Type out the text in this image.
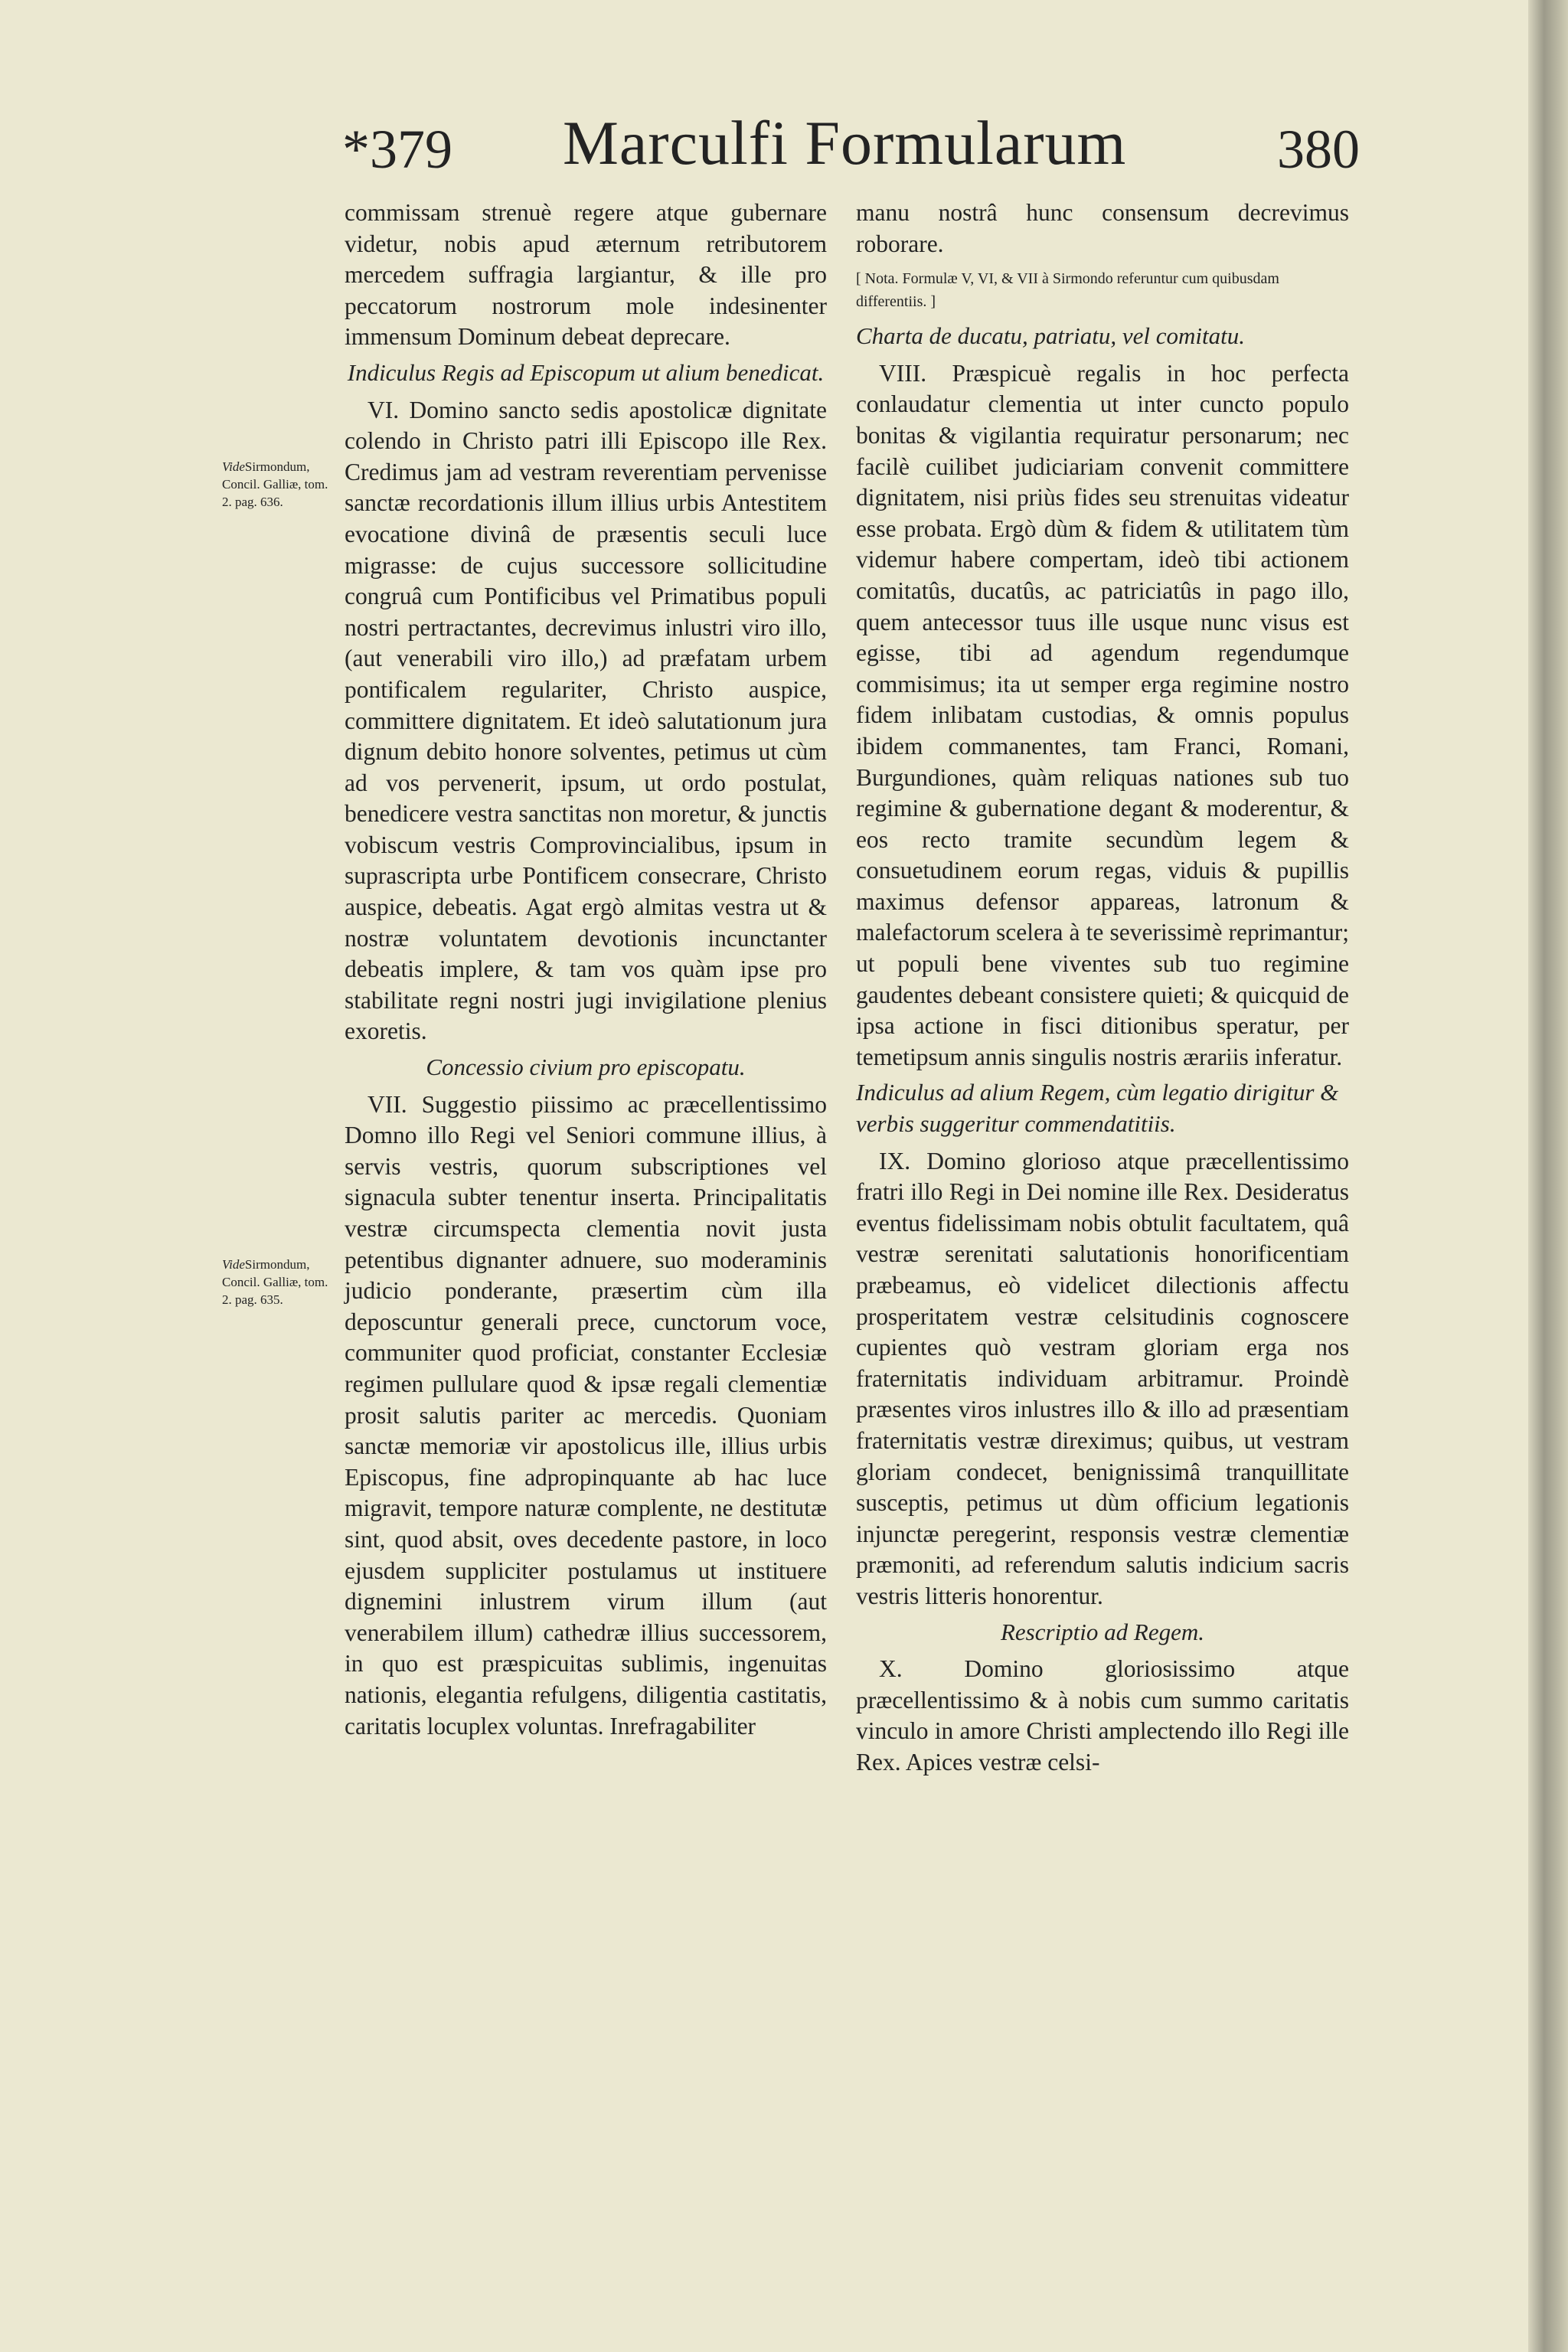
*379 Marculfi Formularum	380
VideSirmondum, Concil. Galliæ, tom. 2. pag. 636.
VideSirmondum, Concil. Galliæ, tom. 2. pag. 635.

commissam strenuè regere atque gubernare videtur, nobis apud æternum retributorem mercedem suffragia largiantur, & ille pro peccatorum nostrorum mole indesinenter immensum Dominum debeat deprecare.

Indiculus Regis ad Episcopum ut alium benedicat.

VI. Domino sancto sedis apostolicæ dignitate colendo in Christo patri illi Episcopo ille Rex. Credimus jam ad vestram reverentiam pervenisse sanctæ recordationis illum illius urbis Antestitem evocatione divinâ de præsentis seculi luce migrasse: de cujus successore sollicitudine congruâ cum Pontificibus vel Primatibus populi nostri pertractantes, decrevimus inlustri viro illo,(aut venerabili viro illo,) ad præfatam urbem pontificalem regulariter, Christo auspice, committere dignitatem. Et ideò salutationum jura dignum debito honore solventes, petimus ut cùm ad vos pervenerit, ipsum, ut ordo postulat, benedicere vestra sanctitas non moretur, & junctis vobiscum vestris Comprovincialibus, ipsum in suprascripta urbe Pontificem consecrare, Christo auspice, debeatis. Agat ergò almitas vestra ut & nostræ voluntatem devotionis incunctanter debeatis implere, & tam vos quàm ipse pro stabilitate regni nostri jugi invigilatione plenius exoretis.

Concessio civium pro episcopatu.

VII. Suggestio piissimo ac præcellentissimo Domno illo Regi vel Seniori commune illius, à servis vestris, quorum subscriptiones vel signacula subter tenentur inserta. Principalitatis vestræ circumspecta clementia novit justa petentibus dignanter adnuere, suo moderaminis judicio ponderante, præsertim cùm illa deposcuntur generali prece, cunctorum voce, communiter quod proficiat, constanter Ecclesiæ regimen pullulare quod & ipsæ regali clementiæ prosit salutis pariter ac mercedis. Quoniam sanctæ memoriæ vir apostolicus ille, illius urbis Episcopus, fine adpropinquante ab hac luce migravit, tempore naturæ complente, ne destitutæ sint, quod absit, oves decedente pastore, in loco ejusdem suppliciter postulamus ut instituere dignemini inlustrem virum illum (aut venerabilem illum) cathedræ illius successorem, in quo est præspicuitas sublimis, ingenuitas nationis, elegantia refulgens, diligentia castitatis, caritatis locuplex voluntas. Inrefragabiliter

manu nostrâ hunc consensum decrevimus roborare.

[ Nota. Formulæ V, VI, & VII à Sirmondo referuntur cum quibusdam differentiis. ]

Charta de ducatu, patriatu, vel comitatu.

VIII. Præspicuè regalis in hoc perfecta conlaudatur clementia ut inter cuncto populo bonitas & vigilantia requiratur personarum; nec facilè cuilibet judiciariam convenit committere dignitatem, nisi priùs fides seu strenuitas videatur esse probata. Ergò dùm & fidem & utilitatem tùm videmur habere compertam, ideò tibi actionem comitatûs, ducatûs, ac patriciatûs in pago illo, quem antecessor tuus ille usque nunc visus est egisse, tibi ad agendum regendumque commisimus; ita ut semper erga regimine nostro fidem inlibatam custodias, & omnis populus ibidem commanentes, tam Franci, Romani, Burgundiones, quàm reliquas nationes sub tuo regimine & gubernatione degant & moderentur, & eos recto tramite secundùm legem & consuetudinem eorum regas, viduis & pupillis maximus defensor appareas, latronum & malefactorum scelera à te severissimè reprimantur; ut populi bene viventes sub tuo regimine gaudentes debeant consistere quieti; & quicquid de ipsa actione in fisci ditionibus speratur, per temetipsum annis singulis nostris ærariis inferatur.

Indiculus ad alium Regem, cùm legatio dirigitur & verbis suggeritur commendatitiis.

IX. Domino glorioso atque præcellentissimo fratri illo Regi in Dei nomine ille Rex. Desideratus eventus fidelissimam nobis obtulit facultatem, quâ vestræ serenitati salutationis honorificentiam præbeamus, eò videlicet dilectionis affectu prosperitatem vestræ celsitudinis cognoscere cupientes quò vestram gloriam erga nos fraternitatis individuam arbitramur. Proindè præsentes viros inlustres illo & illo ad præsentiam fraternitatis vestræ direximus; quibus, ut vestram gloriam condecet, benignissimâ tranquillitate susceptis, petimus ut dùm officium legationis injunctæ peregerint, responsis vestræ clementiæ præmoniti, ad referendum salutis indicium sacris vestris litteris honorentur.

Rescriptio ad Regem.

X. Domino gloriosissimo atque præcellentissimo & à nobis cum summo caritatis vinculo in amore Christi amplectendo illo Regi ille Rex. Apices vestræ celsi-
